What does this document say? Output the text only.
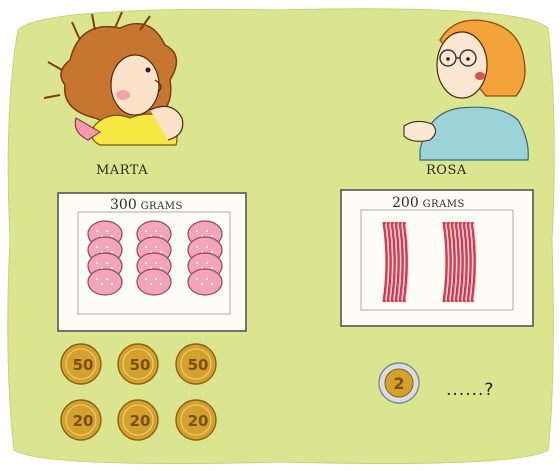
50 50 50
20 20 20
2
MARTA	ROSA
300 GRAMS	200 GRAMS
......?
